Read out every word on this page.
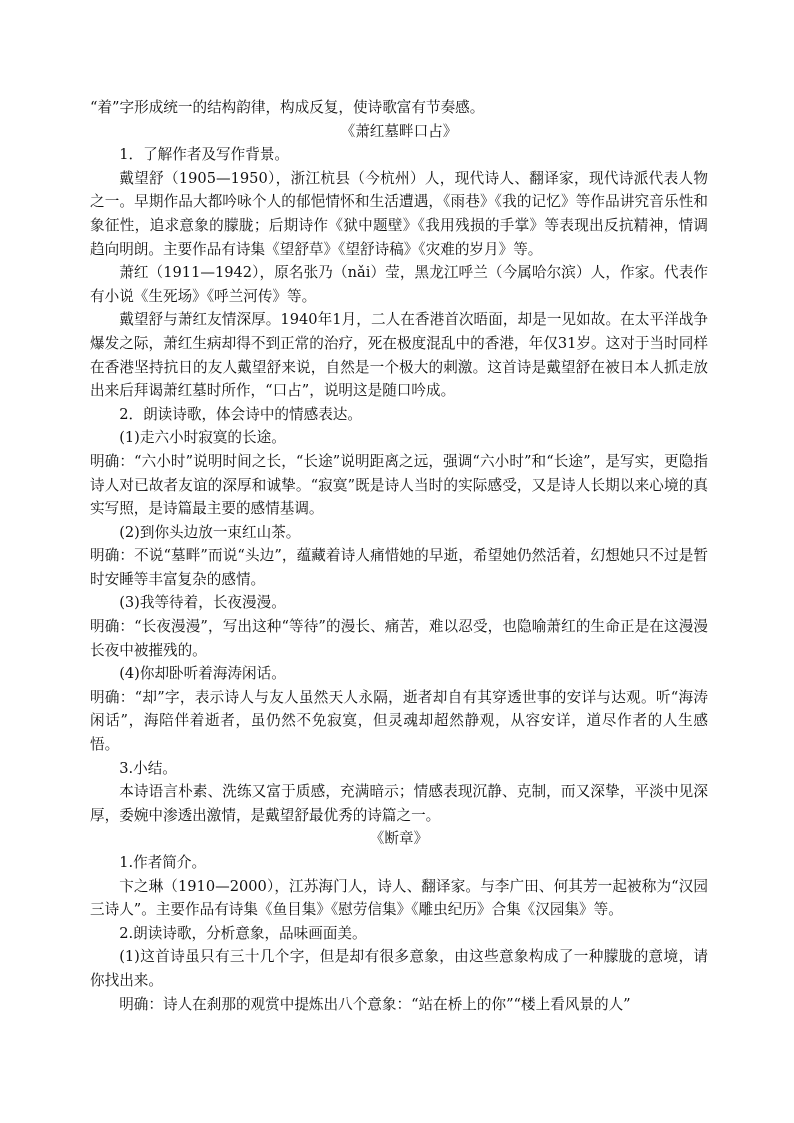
“着”字形成统一的结构韵律，构成反复，使诗歌富有节奏感。

《萧红墓畔口占》

1．了解作者及写作背景。

戴望舒（1905—1950），浙江杭县（今杭州）人，现代诗人、翻译家，现代诗派代表人物之一。早期作品大都吟咏个人的郁悒情怀和生活遭遇，《雨巷》《我的记忆》等作品讲究音乐性和象征性，追求意象的朦胧；后期诗作《狱中题壁》《我用残损的手掌》等表现出反抗精神，情调趋向明朗。主要作品有诗集《望舒草》《望舒诗稿》《灾难的岁月》等。

萧红（1911—1942），原名张乃（nǎi）莹，黑龙江呼兰（今属哈尔滨）人，作家。代表作有小说《生死场》《呼兰河传》等。

戴望舒与萧红友情深厚。1940年1月，二人在香港首次晤面，却是一见如故。在太平洋战争爆发之际，萧红生病却得不到正常的治疗，死在极度混乱中的香港，年仅31岁。这对于当时同样在香港坚持抗日的友人戴望舒来说，自然是一个极大的刺激。这首诗是戴望舒在被日本人抓走放出来后拜谒萧红墓时所作，“口占”，说明这是随口吟成。

2．朗读诗歌，体会诗中的情感表达。

(1)走六小时寂寞的长途。

明确：“六小时”说明时间之长，“长途”说明距离之远，强调“六小时”和“长途”，是写实，更隐指诗人对已故者友谊的深厚和诚挚。“寂寞”既是诗人当时的实际感受，又是诗人长期以来心境的真实写照，是诗篇最主要的感情基调。

(2)到你头边放一束红山茶。

明确：不说“墓畔”而说“头边”，蕴藏着诗人痛惜她的早逝，希望她仍然活着，幻想她只不过是暂时安睡等丰富复杂的感情。

(3)我等待着，长夜漫漫。

明确：“长夜漫漫”，写出这种“等待”的漫长、痛苦，难以忍受，也隐喻萧红的生命正是在这漫漫长夜中被摧残的。

(4)你却卧听着海涛闲话。

明确：“却”字，表示诗人与友人虽然天人永隔，逝者却自有其穿透世事的安详与达观。听“海涛闲话”，海陪伴着逝者，虽仍然不免寂寞，但灵魂却超然静观，从容安详，道尽作者的人生感悟。

3.小结。

本诗语言朴素、洗练又富于质感，充满暗示；情感表现沉静、克制，而又深挚，平淡中见深厚，委婉中渗透出激情，是戴望舒最优秀的诗篇之一。

《断章》

1.作者简介。

卞之琳（1910—2000），江苏海门人，诗人、翻译家。与李广田、何其芳一起被称为“汉园三诗人”。主要作品有诗集《鱼目集》《慰劳信集》《雕虫纪历》合集《汉园集》等。

2.朗读诗歌，分析意象，品味画面美。

(1)这首诗虽只有三十几个字，但是却有很多意象，由这些意象构成了一种朦胧的意境，请你找出来。

明确：诗人在刹那的观赏中提炼出八个意象：“站在桥上的你”“楼上看风景的人”
